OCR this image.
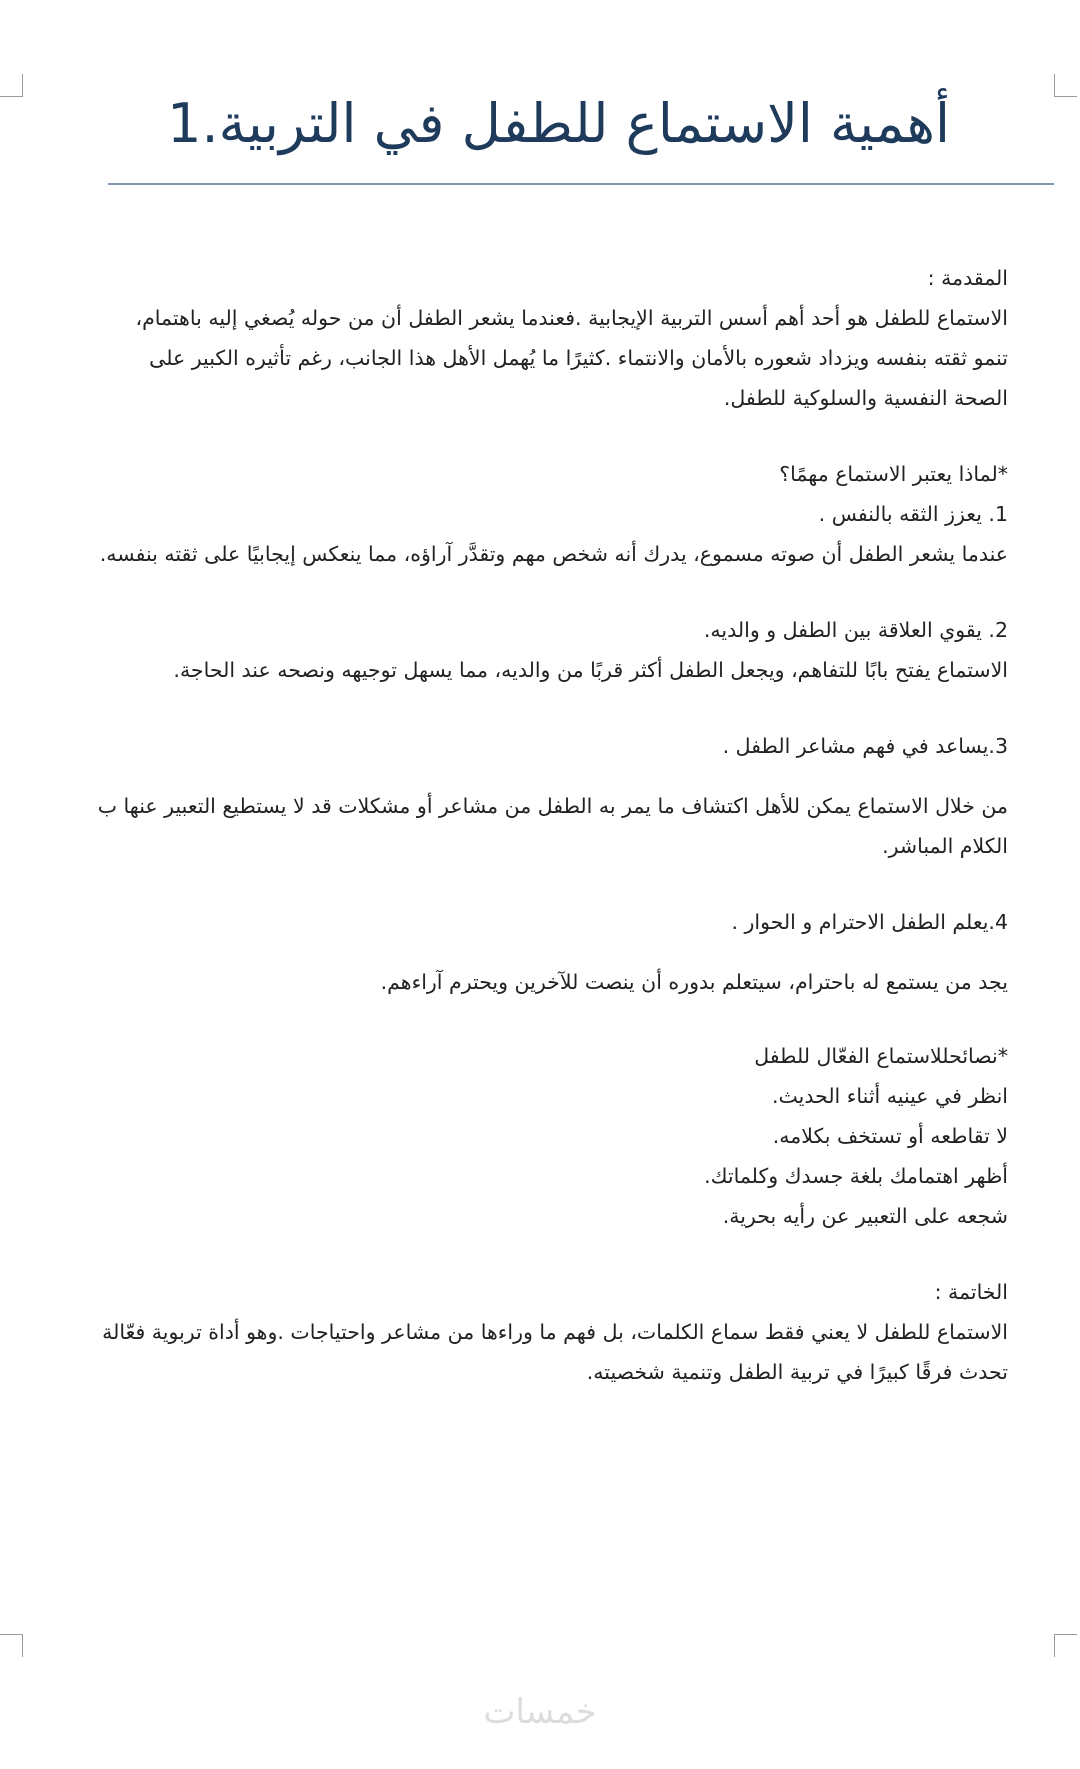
أهمية الاستماع للطفل في التربية.1

المقدمة :

الاستماع للطفل هو أحد أهم أسس التربية الإيجابية .فعندما يشعر الطفل أن من حوله يُصغي إليه باهتمام،

تنمو ثقته بنفسه ويزداد شعوره بالأمان والانتماء .كثيرًا ما يُهمل الأهل هذا الجانب، رغم تأثيره الكبير على

الصحة النفسية والسلوكية للطفل.

*لماذا يعتبر الاستماع مهمًا؟

1. يعزز الثقه بالنفس .

عندما يشعر الطفل أن صوته مسموع، يدرك أنه شخص مهم وتقدَّر آراؤه، مما ينعكس إيجابيًا على ثقته بنفسه.

2. يقوي العلاقة بين الطفل و والديه.

الاستماع يفتح بابًا للتفاهم، ويجعل الطفل أكثر قربًا من والديه، مما يسهل توجيهه ونصحه عند الحاجة.

3.يساعد في فهم مشاعر الطفل .

من خلال الاستماع يمكن للأهل اكتشاف ما يمر به الطفل من مشاعر أو مشكلات قد لا يستطيع التعبير عنها ب

الكلام المباشر.

4.يعلم الطفل الاحترام و الحوار .

يجد من يستمع له باحترام، سيتعلم بدوره أن ينصت للآخرين ويحترم آراءهم.

*نصائحللاستماع الفعّال للطفل

انظر في عينيه أثناء الحديث.

لا تقاطعه أو تستخف بكلامه.

أظهر اهتمامك بلغة جسدك وكلماتك.

شجعه على التعبير عن رأيه بحرية.

الخاتمة :

الاستماع للطفل لا يعني فقط سماع الكلمات، بل فهم ما وراءها من مشاعر واحتياجات .وهو أداة تربوية فعّالة

تحدث فرقًا كبيرًا في تربية الطفل وتنمية شخصيته.

خمسات
